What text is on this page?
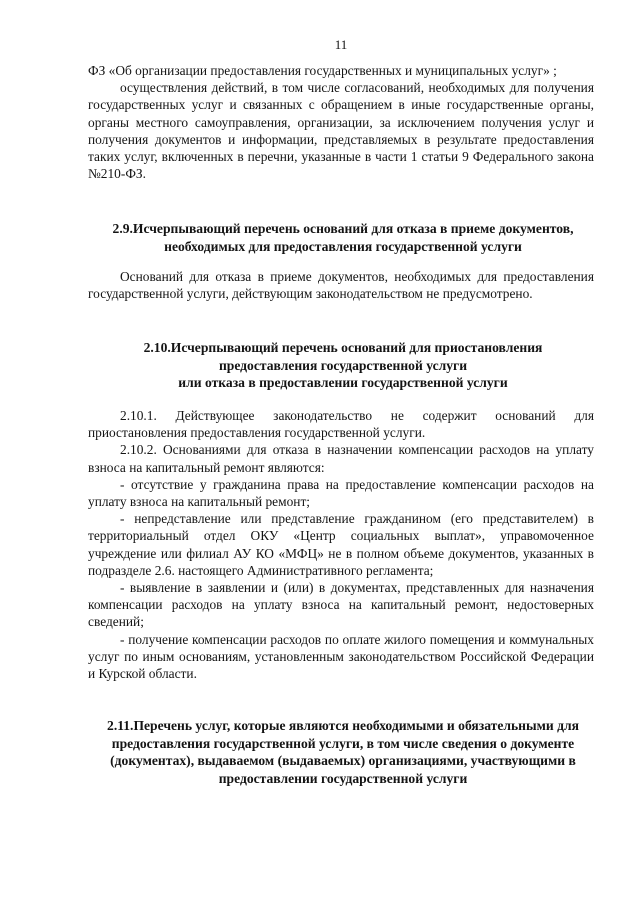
11

ФЗ «Об организации предоставления государственных и муниципальных услуг» ;

осуществления действий, в том числе согласований, необходимых для получения государственных услуг и связанных с обращением в иные государственные органы, органы местного самоуправления, организации, за исключением получения услуг и получения документов и информации, представляемых в результате предоставления таких услуг, включенных в перечни, указанные в части 1 статьи 9 Федерального закона №210-ФЗ.

2.9.Исчерпывающий перечень оснований для отказа в приеме документов, необходимых для предоставления государственной услуги

Оснований для отказа в приеме документов, необходимых для предоставления государственной услуги, действующим законодательством не предусмотрено.

2.10.Исчерпывающий перечень оснований для приостановления

предоставления государственной услуги

или отказа в предоставлении государственной услуги

2.10.1. Действующее законодательство не содержит оснований для приостановления предоставления государственной услуги.

2.10.2. Основаниями для отказа в назначении компенсации расходов на уплату взноса на капитальный ремонт являются:

- отсутствие у гражданина права на предоставление компенсации расходов на уплату взноса на капитальный ремонт;

- непредставление или представление гражданином (его представителем) в территориальный отдел ОКУ «Центр социальных выплат», управомоченное учреждение или филиал АУ КО «МФЦ» не в полном объеме документов, указанных в подразделе 2.6. настоящего Административного регламента;

- выявление в заявлении и (или) в документах, представленных для назначения компенсации расходов на уплату взноса на капитальный ремонт, недостоверных сведений;

- получение компенсации расходов по оплате жилого помещения и коммунальных услуг по иным основаниям, установленным законодательством Российской Федерации и Курской области.

2.11.Перечень услуг, которые являются необходимыми и обязательными для предоставления государственной услуги, в том числе сведения о документе (документах), выдаваемом (выдаваемых) организациями, участвующими в предоставлении государственной услуги
